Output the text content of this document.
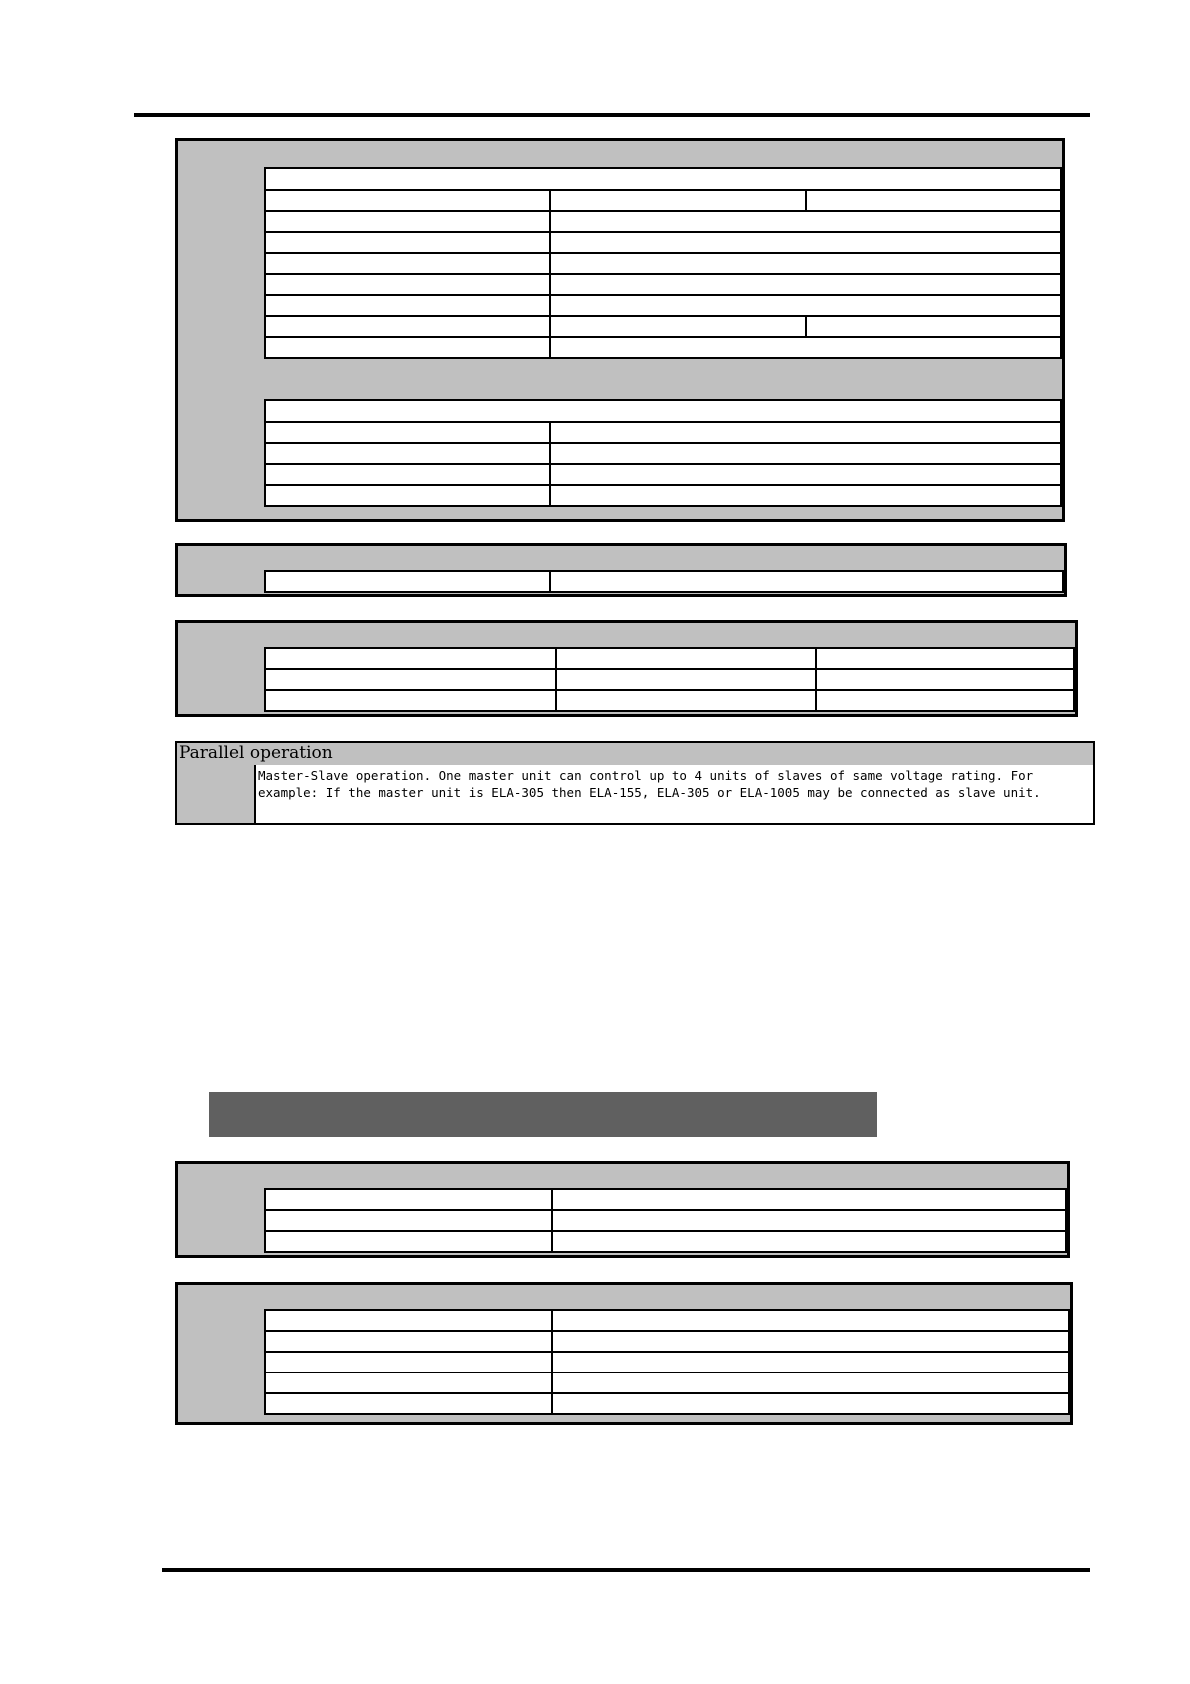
Parallel operation
Master-Slave operation. One master unit can control up to 4 units of slaves of same voltage rating. For example: If the master unit is ELA-305 then ELA-155, ELA-305 or ELA-1005 may be connected as slave unit.
